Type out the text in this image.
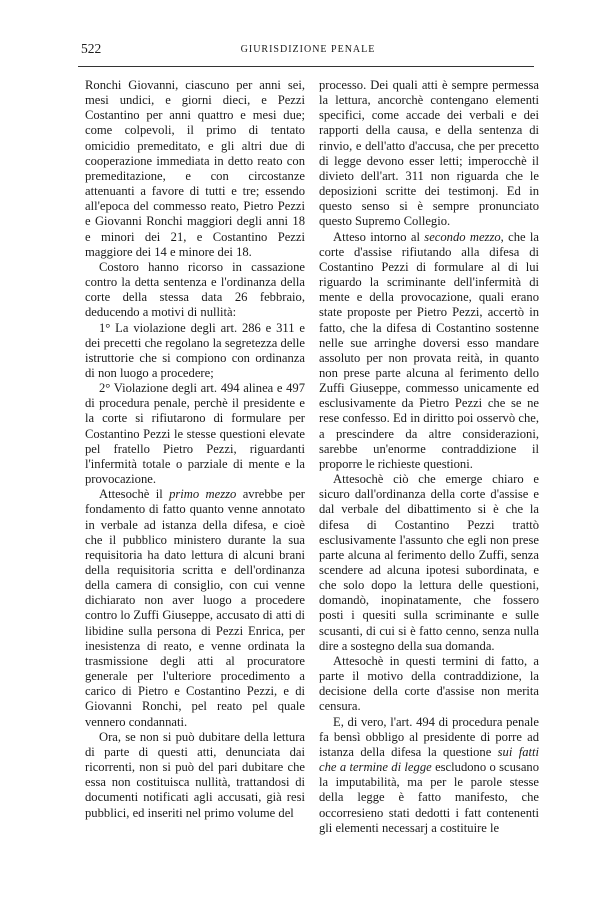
522	GIURISDIZIONE PENALE

Ronchi Giovanni, ciascuno per anni sei, mesi undici, e giorni dieci, e Pezzi Costantino per anni quattro e mesi due; come colpevoli, il primo di tentato omicidio premeditato, e gli altri due di cooperazione immediata in detto reato con premeditazione, e con circostanze attenuanti a favore di tutti e tre; essendo all'epoca del commesso reato, Pietro Pezzi e Giovanni Ronchi maggiori degli anni 18 e minori dei 21, e Costantino Pezzi maggiore dei 14 e minore dei 18.

Costoro hanno ricorso in cassazione contro la detta sentenza e l'ordinanza della corte della stessa data 26 febbraio, deducendo a motivi di nullità:

1° La violazione degli art. 286 e 311 e dei precetti che regolano la segretezza delle istruttorie che si compiono con ordinanza di non luogo a procedere;

2° Violazione degli art. 494 alinea e 497 di procedura penale, perchè il presidente e la corte si rifiutarono di formulare per Costantino Pezzi le stesse questioni elevate pel fratello Pietro Pezzi, riguardanti l'infermità totale o parziale di mente e la provocazione.

Attesochè il primo mezzo avrebbe per fondamento di fatto quanto venne annotato in verbale ad istanza della difesa, e cioè che il pubblico ministero durante la sua requisitoria ha dato lettura di alcuni brani della requisitoria scritta e dell'ordinanza della camera di consiglio, con cui venne dichiarato non aver luogo a procedere contro lo Zuffi Giuseppe, accusato di atti di libidine sulla persona di Pezzi Enrica, per inesistenza di reato, e venne ordinata la trasmissione degli atti al procuratore generale per l'ulteriore procedimento a carico di Pietro e Costantino Pezzi, e di Giovanni Ronchi, pel reato pel quale vennero condannati.

Ora, se non si può dubitare della lettura di parte di questi atti, denunciata dai ricorrenti, non si può del pari dubitare che essa non costituisca nullità, trattandosi di documenti notificati agli accusati, già resi pubblici, ed inseriti nel primo volume del

processo. Dei quali atti è sempre permessa la lettura, ancorchè contengano elementi specifici, come accade dei verbali e dei rapporti della causa, e della sentenza di rinvio, e dell'atto d'accusa, che per precetto di legge devono esser letti; imperocchè il divieto dell'art. 311 non riguarda che le deposizioni scritte dei testimonj. Ed in questo senso si è sempre pronunciato questo Supremo Collegio.

Atteso intorno al secondo mezzo, che la corte d'assise rifiutando alla difesa di Costantino Pezzi di formulare al di lui riguardo la scriminante dell'infermità di mente e della provocazione, quali erano state proposte per Pietro Pezzi, accertò in fatto, che la difesa di Costantino sostenne nelle sue arringhe doversi esso mandare assoluto per non provata reità, in quanto non prese parte alcuna al ferimento dello Zuffi Giuseppe, commesso unicamente ed esclusivamente da Pietro Pezzi che se ne rese confesso. Ed in diritto poi osservò che, a prescindere da altre considerazioni, sarebbe un'enorme contraddizione il proporre le richieste questioni.

Attesochè ciò che emerge chiaro e sicuro dall'ordinanza della corte d'assise e dal verbale del dibattimento si è che la difesa di Costantino Pezzi trattò esclusivamente l'assunto che egli non prese parte alcuna al ferimento dello Zuffi, senza scendere ad alcuna ipotesi subordinata, e che solo dopo la lettura delle questioni, domandò, inopinatamente, che fossero posti i quesiti sulla scriminante e sulle scusanti, di cui si è fatto cenno, senza nulla dire a sostegno della sua domanda.

Attesochè in questi termini di fatto, a parte il motivo della contraddizione, la decisione della corte d'assise non merita censura.

E, di vero, l'art. 494 di procedura penale fa bensì obbligo al presidente di porre ad istanza della difesa la questione sui fatti che a termine di legge escludono o scusano la imputabilità, ma per le parole stesse della legge è fatto manifesto, che occorresieno stati dedotti i fatt contenenti gli elementi necessarj a costituire le
